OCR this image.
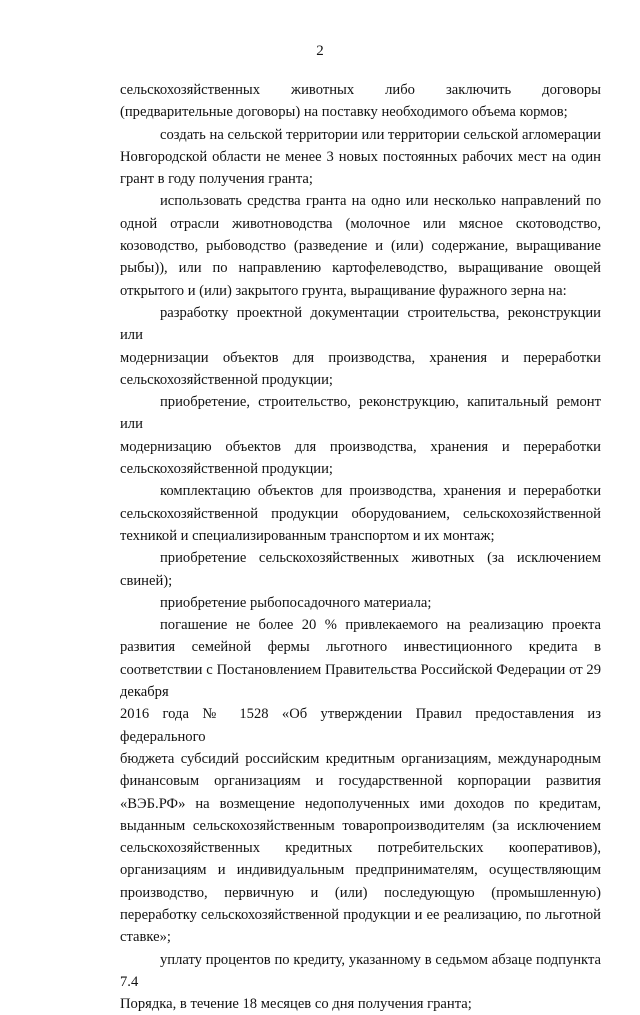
2

сельскохозяйственных животных либо заключить договоры

(предварительные договоры) на поставку необходимого объема кормов;

создать на сельской территории или территории сельской агломерации

Новгородской области не менее 3 новых постоянных рабочих мест на один

грант в году получения гранта;

использовать средства гранта на одно или несколько направлений по

одной отрасли животноводства (молочное или мясное скотоводство,

козоводство, рыбоводство (разведение и (или) содержание, выращивание

рыбы)), или по направлению картофелеводство, выращивание овощей

открытого и (или) закрытого грунта, выращивание фуражного зерна на:

разработку проектной документации строительства, реконструкции или

модернизации объектов для производства, хранения и переработки

сельскохозяйственной продукции;

приобретение, строительство, реконструкцию, капитальный ремонт или

модернизацию объектов для производства, хранения и переработки

сельскохозяйственной продукции;

комплектацию объектов для производства, хранения и переработки

сельскохозяйственной продукции оборудованием, сельскохозяйственной

техникой и специализированным транспортом и их монтаж;

приобретение сельскохозяйственных животных (за исключением

свиней);

приобретение рыбопосадочного материала;

погашение не более 20 % привлекаемого на реализацию проекта

развития семейной фермы льготного инвестиционного кредита в

соответствии с Постановлением Правительства Российской Федерации от 29

декабря

2016 года № 1528 «Об утверждении Правил предоставления из федерального

бюджета субсидий российским кредитным организациям, международным

финансовым организациям и государственной корпорации развития

«ВЭБ.РФ» на возмещение недополученных ими доходов по кредитам,

выданным сельскохозяйственным товаропроизводителям (за исключением

сельскохозяйственных кредитных потребительских кооперативов),

организациям и индивидуальным предпринимателям, осуществляющим

производство, первичную и (или) последующую (промышленную)

переработку сельскохозяйственной продукции и ее реализацию, по льготной

ставке»;

уплату процентов по кредиту, указанному в седьмом абзаце подпункта 7.4

Порядка, в течение 18 месяцев со дня получения гранта;
